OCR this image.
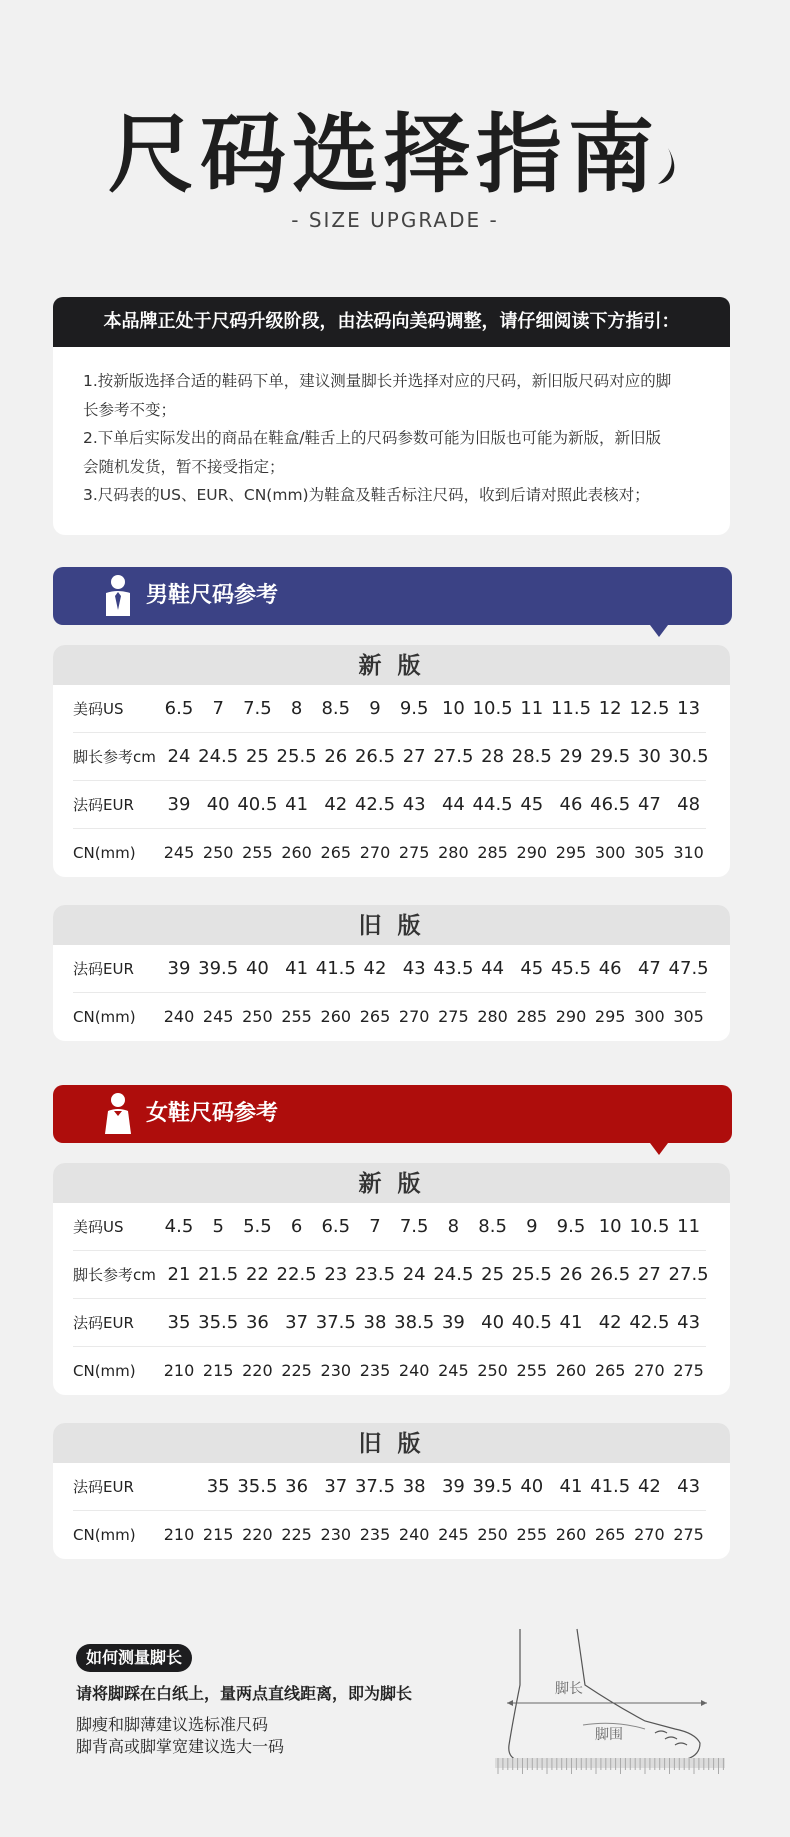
尺码选择指南
- SIZE UPGRADE -
本品牌正处于尺码升级阶段，由法码向美码调整，请仔细阅读下方指引：

1.按新版选择合适的鞋码下单，建议测量脚长并选择对应的尺码，新旧版尺码对应的脚

长参考不变；

2.下单后实际发出的商品在鞋盒/鞋舌上的尺码参数可能为旧版也可能为新版，新旧版

会随机发货，暂不接受指定；

3.尺码表的US、EUR、CN(mm)为鞋盒及鞋舌标注尺码，收到后请对照此表核对；

男鞋尺码参考
新 版
美码US	6.5	7	7.5	8	8.5	9	9.5 10 10.5 11 11.5 12 12.5 13
脚长参考cm 24 24.5 25 25.5 26 26.5 27 27.5 28 28.5 29 29.5 30 30.5
法码EUR	39 40 40.5 41 42 42.5 43 44 44.5 45 46 46.5 47 48
CN(mm)	245 250 255 260 265 270 275 280 285 290 295 300 305 310
旧 版
法码EUR	39 39.5 40 41 41.5 42 43 43.5 44 45 45.5 46 47 47.5
CN(mm)	240 245 250 255 260 265 270 275 280 285 290 295 300 305
女鞋尺码参考
新 版
美码US	4.5	5	5.5	6	6.5	7	7.5	8	8.5	9	9.5 10 10.5 11
脚长参考cm 21 21.5 22 22.5 23 23.5 24 24.5 25 25.5 26 26.5 27 27.5
法码EUR	35 35.5 36 37 37.5 38 38.5 39 40 40.5 41 42 42.5 43
CN(mm)	210 215 220 225 230 235 240 245 250 255 260 265 270 275
旧 版
法码EUR	35 35.5 36 37 37.5 38 39 39.5 40 41 41.5 42 43
CN(mm)	210 215 220 225 230 235 240 245 250 255 260 265 270 275
如何测量脚长
请将脚踩在白纸上，量两点直线距离，即为脚长
脚瘦和脚薄建议选标准尺码
脚背高或脚掌宽建议选大一码
脚长
脚围
